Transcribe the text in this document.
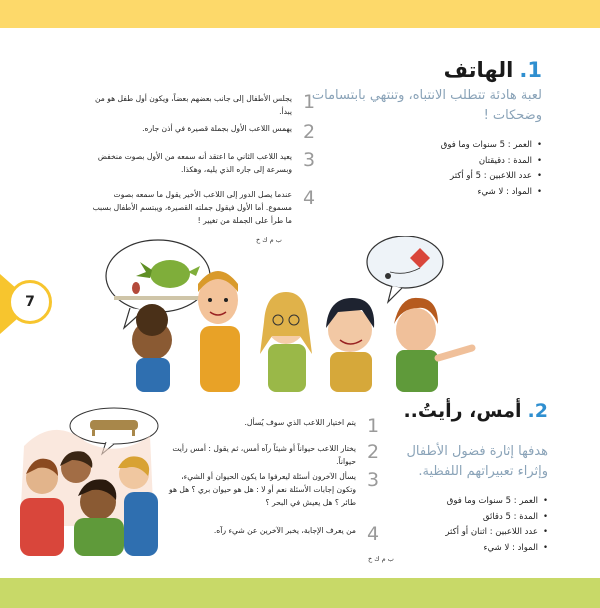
7
1.الهاتف
لعبة هادئة تتطلب الانتباه، وتنتهي بابتسامات
وضحكات !
• العمر : 5 سنوات وما فوق
• المدة : دقيقتان
• عدد اللاعبين : 5 أو أكثر
• المواد : لا شيء
1
يجلس الأطفال إلى جانب بعضهم بعضاً، ويكون أول طفل هو من يبدأ.
2
يهمس اللاعب الأول بجملة قصيرة في أذن جاره.
3
يعيد اللاعب الثاني ما اعتقد أنه سمعه من الأول بصوت منخفض وبسرعة إلى جاره الذي يليه، وهكذا.
4
عندما يصل الدور إلى اللاعب الأخير يقول ما سمعه بصوت مسموع. أما الأول فيقول جملته القصيرة، ويبتسم الأطفال بسبب ما طرأ على الجملة من تغيير !
ب م ك خ
2.أمس، رأيتُ..
هدفها إثارة فضول الأطفال
وإثراء تعبيراتهم اللفظية.
• العمر : 5 سنوات وما فوق
• المدة : 5 دقائق
• عدد اللاعبين : اثنان أو أكثر
• المواد : لا شيء
1
يتم اختيار اللاعب الذي سوف يُسأل.
2
يختار اللاعب حيواناً أو شيئاً رآه أمس، ثم يقول : أمس رأيت حيواناً.
3
يسأل الآخرون أسئلة ليعرفوا ما يكون الحيوان أو الشيء، وتكون إجابات الأسئلة نعم أو لا : هل هو حيوان بري ؟ هل هو طائر ؟ هل يعيش في البحر ؟
4
من يعرف الإجابة، يخبر الآخرين عن شيء رآه.
ب م ك خ
